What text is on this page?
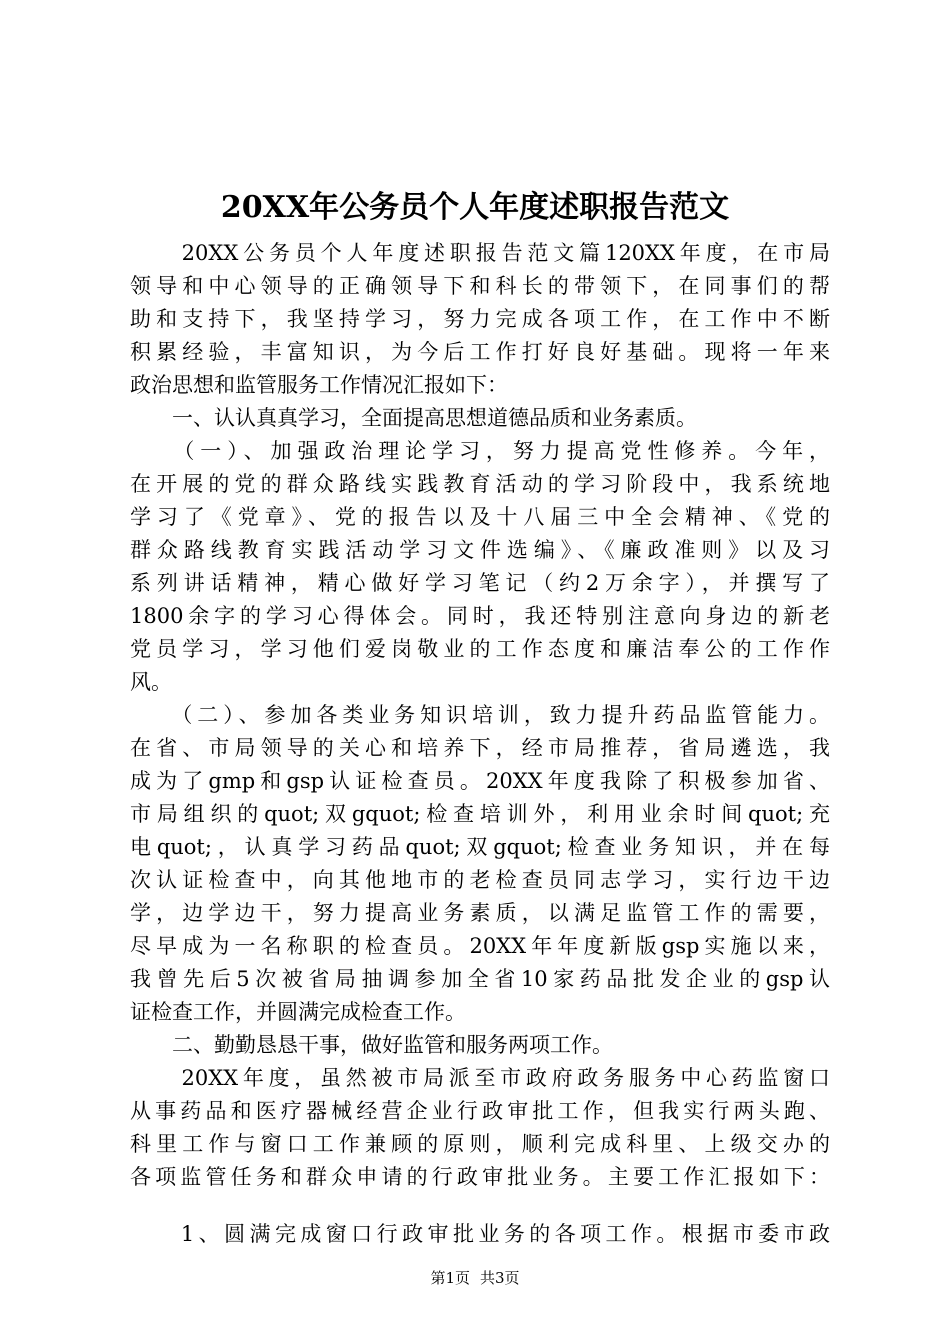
20XX年公务员个人年度述职报告范文
　　20XX公务员个人年度述职报告范文篇120XX年度，在市局
领导和中心领导的正确领导下和科长的带领下，在同事们的帮
助和支持下，我坚持学习，努力完成各项工作，在工作中不断
积累经验，丰富知识，为今后工作打好良好基础。现将一年来
政治思想和监管服务工作情况汇报如下：
　　一、认认真真学习，全面提高思想道德品质和业务素质。
　　（一）、加强政治理论学习，努力提高党性修养。今年，
在开展的党的群众路线实践教育活动的学习阶段中，我系统地
学习了《党章》、党的报告以及十八届三中全会精神、《党的
群众路线教育实践活动学习文件选编》、《廉政准则》以及习
系列讲话精神，精心做好学习笔记（约2万余字），并撰写了
1800余字的学习心得体会。同时，我还特别注意向身边的新老
党员学习，学习他们爱岗敬业的工作态度和廉洁奉公的工作作
风。
　　（二）、参加各类业务知识培训，致力提升药品监管能力。
在省、市局领导的关心和培养下，经市局推荐，省局遴选，我
成为了gmp和gsp认证检查员。20XX年度我除了积极参加省、
市局组织的quot;双gquot;检查培训外，利用业余时间quot;充
电quot;，认真学习药品quot;双gquot;检查业务知识，并在每
次认证检查中，向其他地市的老检查员同志学习，实行边干边
学，边学边干，努力提高业务素质，以满足监管工作的需要，
尽早成为一名称职的检查员。20XX年年度新版gsp实施以来，
我曾先后5次被省局抽调参加全省10家药品批发企业的gsp认
证检查工作，并圆满完成检查工作。
　　二、勤勤恳恳干事，做好监管和服务两项工作。
　　20XX年度，虽然被市局派至市政府政务服务中心药监窗口
从事药品和医疗器械经营企业行政审批工作，但我实行两头跑、
科里工作与窗口工作兼顾的原则，顺利完成科里、上级交办的
各项监管任务和群众申请的行政审批业务。主要工作汇报如下：
　　1、圆满完成窗口行政审批业务的各项工作。根据市委市政
第1页 共3页
